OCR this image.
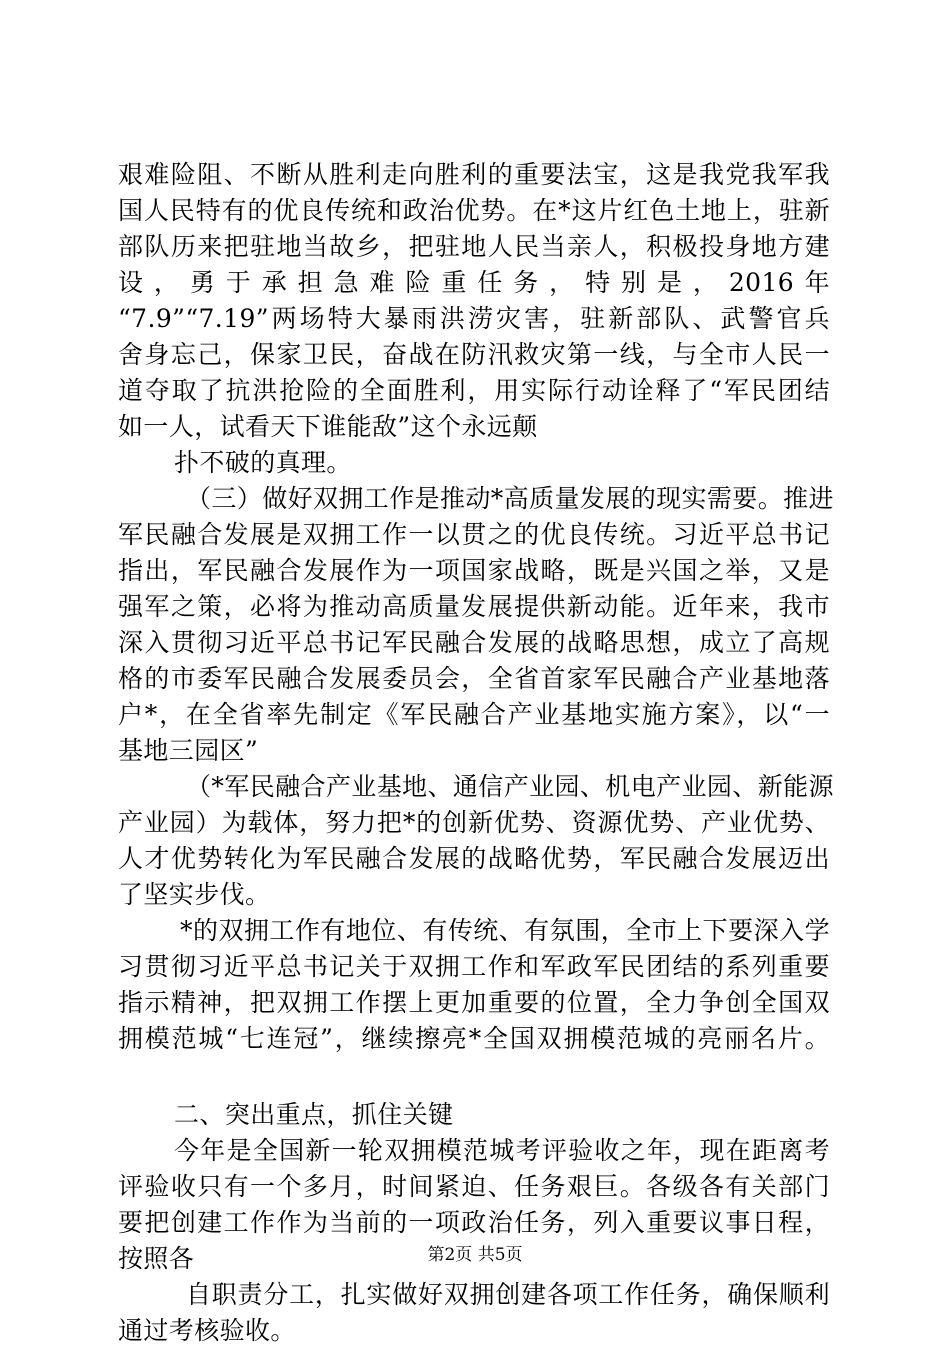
艰难险阻、不断从胜利走向胜利的重要法宝，这是我党我军我
国人民特有的优良传统和政治优势。在*这片红色土地上，驻新
部队历来把驻地当故乡，把驻地人民当亲人，积极投身地方建
设，勇于承担急难险重任务，特别是，2016年
“7.9”“7.19”两场特大暴雨洪涝灾害，驻新部队、武警官兵
舍身忘己，保家卫民，奋战在防汛救灾第一线，与全市人民一
道夺取了抗洪抢险的全面胜利，用实际行动诠释了“军民团结
如一人，试看天下谁能敌”这个永远颠
扑不破的真理。
（三）做好双拥工作是推动*高质量发展的现实需要。推进
军民融合发展是双拥工作一以贯之的优良传统。习近平总书记
指出，军民融合发展作为一项国家战略，既是兴国之举，又是
强军之策，必将为推动高质量发展提供新动能。近年来，我市
深入贯彻习近平总书记军民融合发展的战略思想，成立了高规
格的市委军民融合发展委员会，全省首家军民融合产业基地落
户*，在全省率先制定《军民融合产业基地实施方案》，以“一
基地三园区”
（*军民融合产业基地、通信产业园、机电产业园、新能源
产业园）为载体，努力把*的创新优势、资源优势、产业优势、
人才优势转化为军民融合发展的战略优势，军民融合发展迈出
了坚实步伐。
*的双拥工作有地位、有传统、有氛围，全市上下要深入学
习贯彻习近平总书记关于双拥工作和军政军民团结的系列重要
指示精神，把双拥工作摆上更加重要的位置，全力争创全国双
拥模范城“七连冠”，继续擦亮*全国双拥模范城的亮丽名片。
二、突出重点，抓住关键
今年是全国新一轮双拥模范城考评验收之年，现在距离考
评验收只有一个多月，时间紧迫、任务艰巨。各级各有关部门
要把创建工作作为当前的一项政治任务，列入重要议事日程，
按照各
自职责分工，扎实做好双拥创建各项工作任务，确保顺利
通过考核验收。
第2页 共5页
